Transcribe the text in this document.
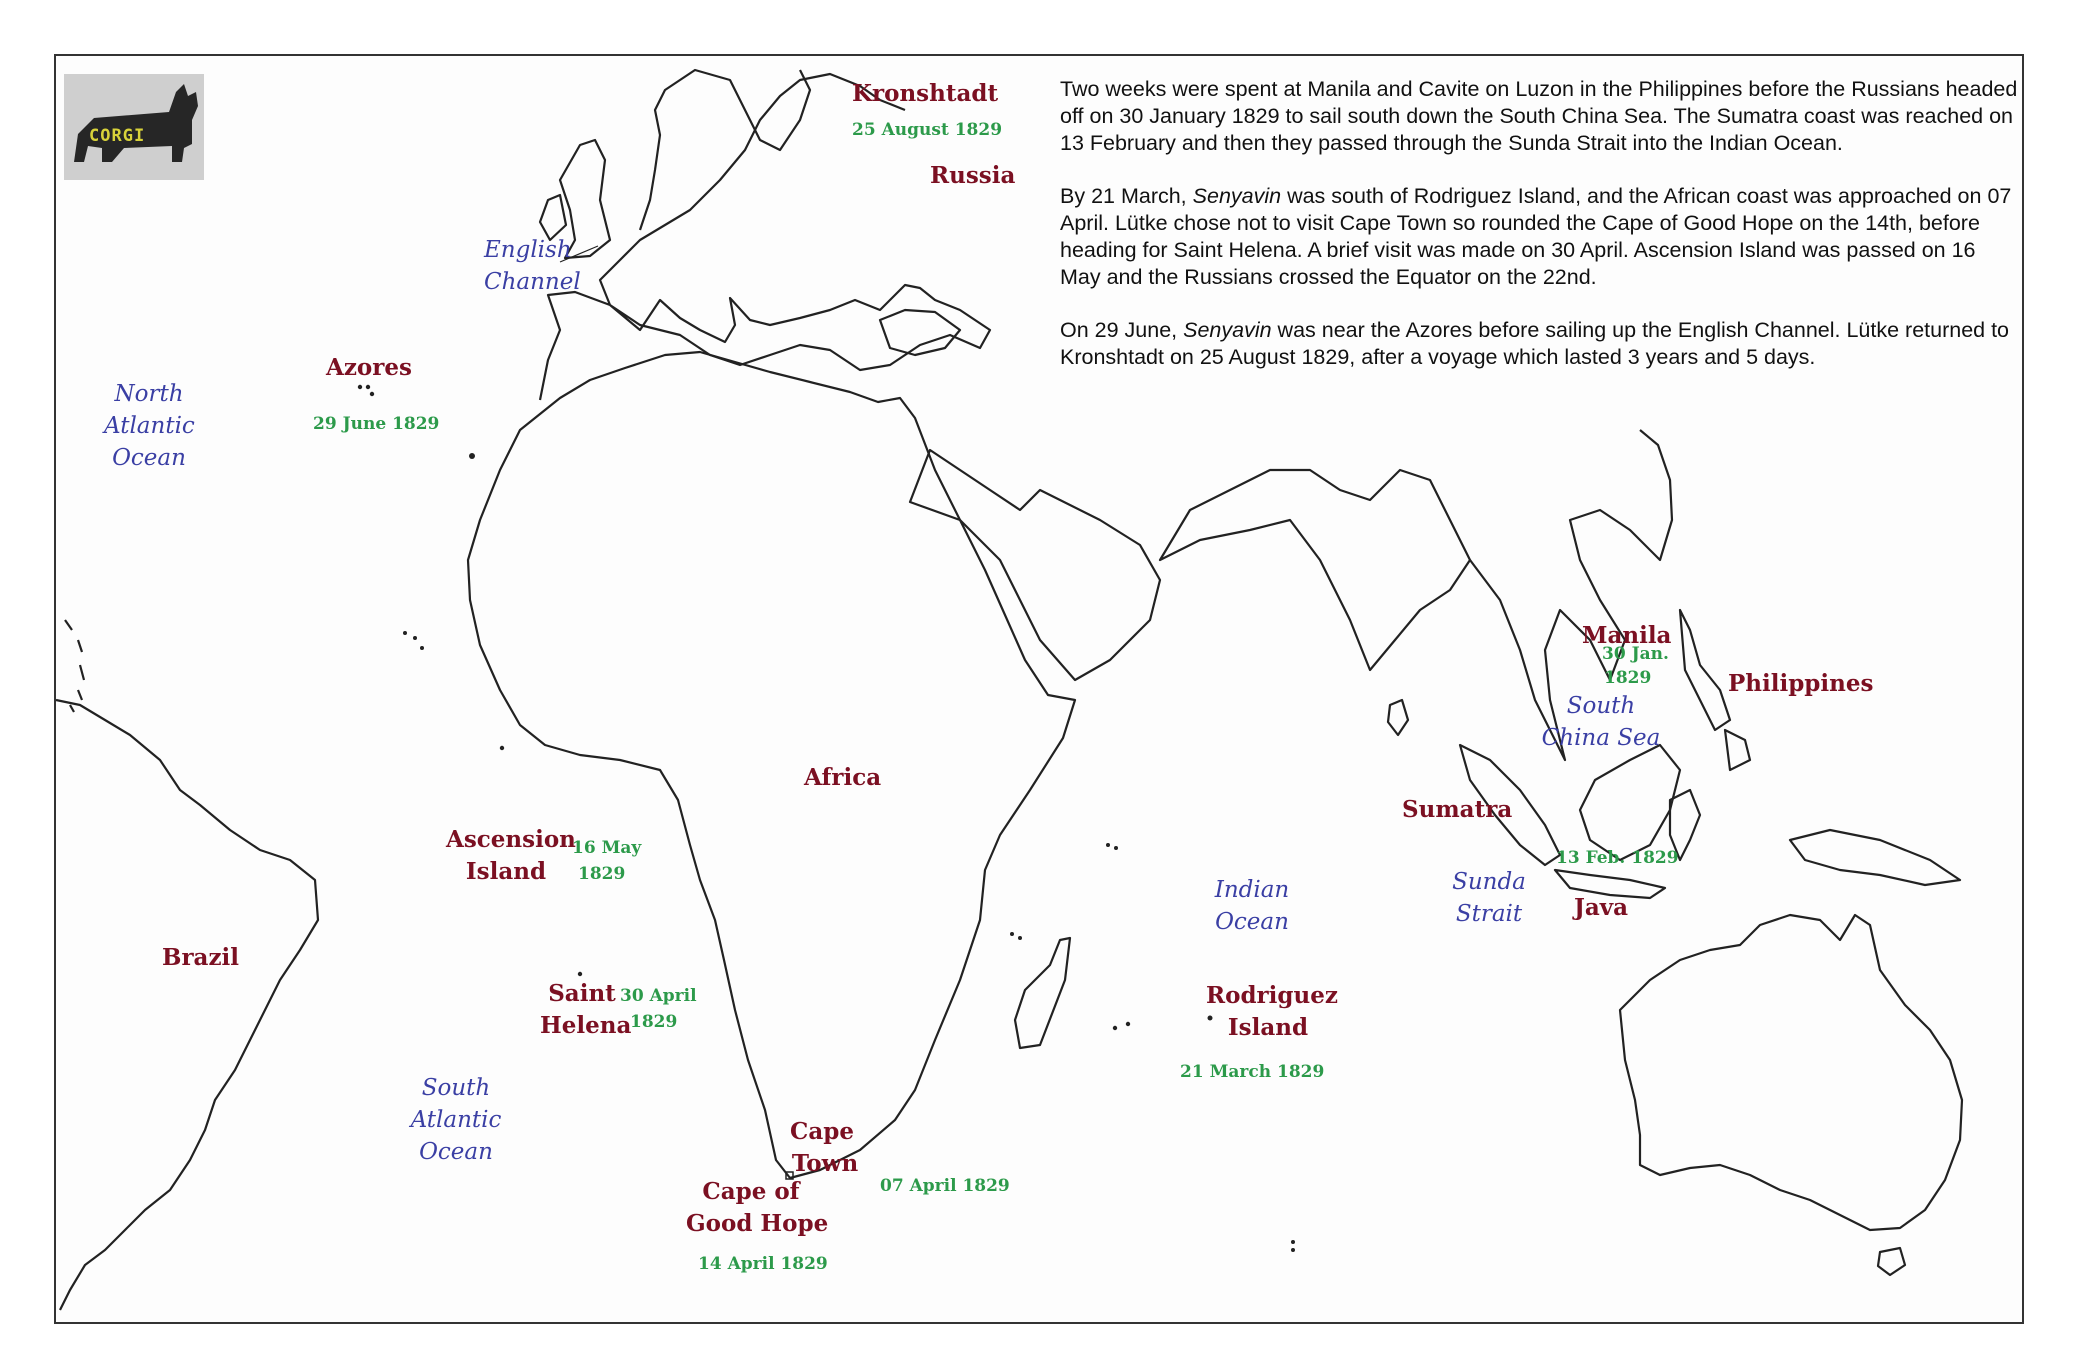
CORGI

Two weeks were spent at Manila and Cavite on Luzon in the Philippines before the Russians headed off on 30 January 1829 to sail south down the South China Sea. The Sumatra coast was reached on 13 February and then they passed through the Sunda Strait into the Indian Ocean.

By 21 March, Senyavin was south of Rodriguez Island, and the African coast was approached on 07 April. Lütke chose not to visit Cape Town so rounded the Cape of Good Hope on the 14th, before heading for Saint Helena. A brief visit was made on 30 April. Ascension Island was passed on 16 May and the Russians crossed the Equator on the 22nd.

On 29 June, Senyavin was near the Azores before sailing up the English Channel. Lütke returned to Kronshtadt on 25 August 1829, after a voyage which lasted 3 years and 5 days.

Kronshtadt
25 August 1829
Russia
English
Channel
Azores
29 June 1829
North
Atlantic
Ocean
Africa
Ascension
Island
16 May
1829
Brazil
Saint
Helena
30 April
1829
South
Atlantic
Ocean
Cape
Town
07 April 1829
Cape of
Good Hope
14 April 1829
Indian
Ocean
Rodriguez
Island
21 March 1829
Manila
30 Jan.
1829	Philippines
South
China Sea
Sumatra
13 Feb. 1829
Sunda
Strait	Java
